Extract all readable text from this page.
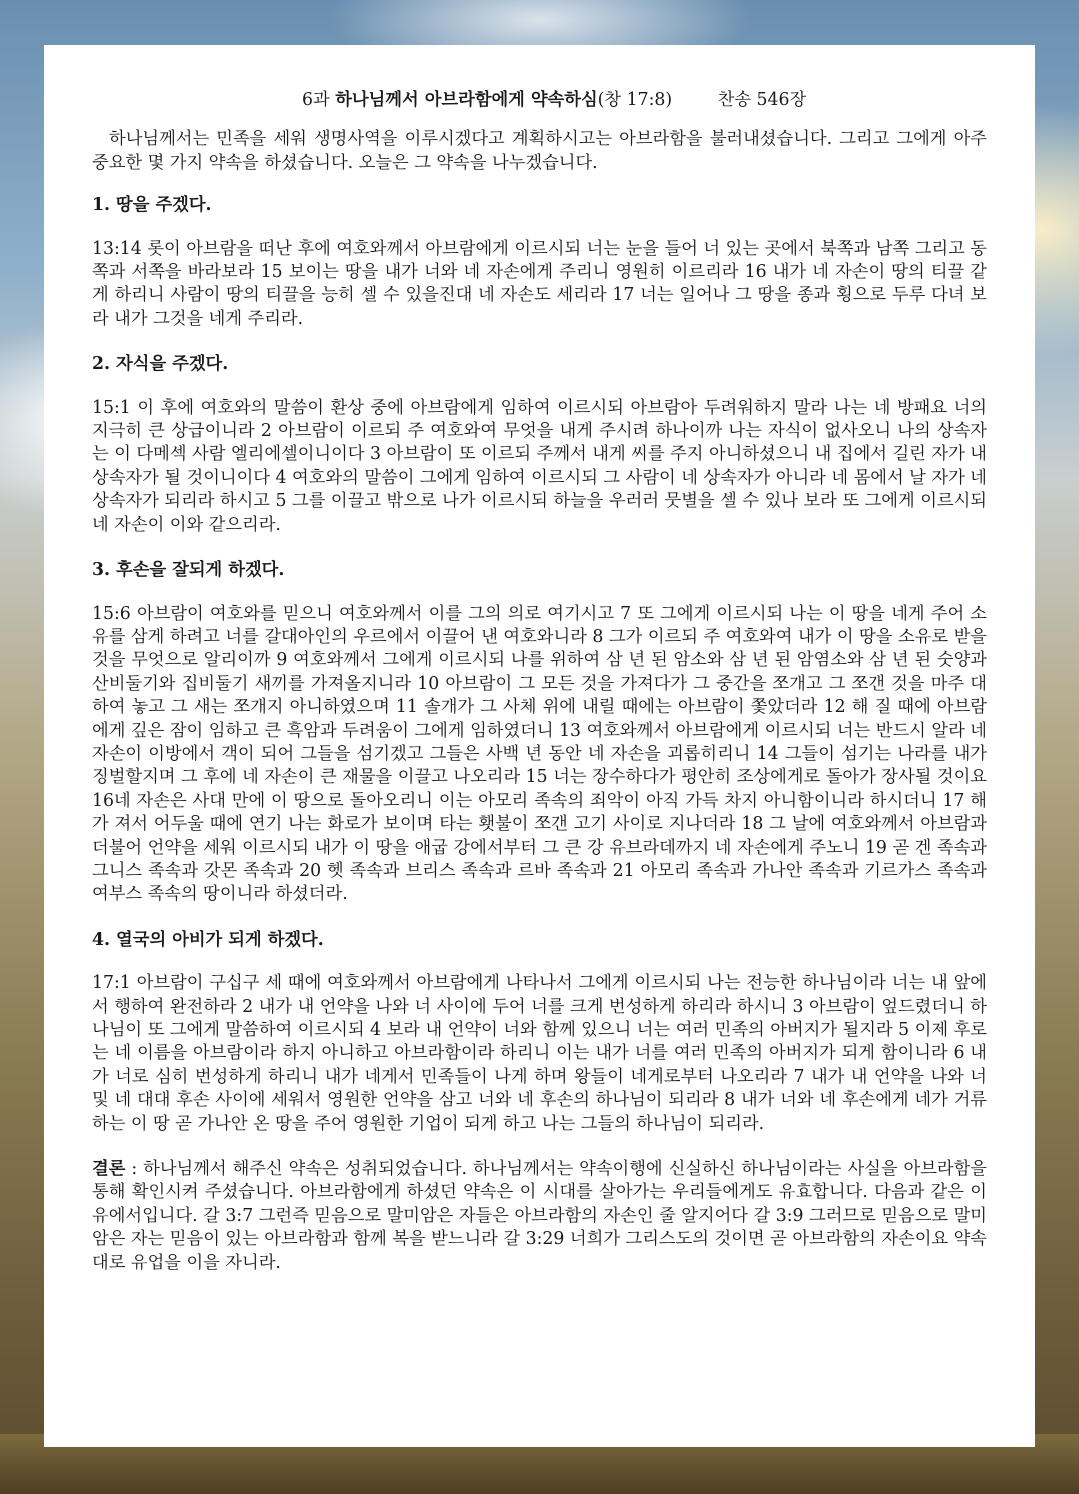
6과 하나님께서 아브라함에게 약속하심(창 17:8)	찬송 546장

하나님께서는 민족을 세워 생명사역을 이루시겠다고 계획하시고는 아브라함을 불러내셨습니다. 그리고 그에게 아주 중요한 몇 가지 약속을 하셨습니다. 오늘은 그 약속을 나누겠습니다.

1. 땅을 주겠다.

13:14 롯이 아브람을 떠난 후에 여호와께서 아브람에게 이르시되 너는 눈을 들어 너 있는 곳에서 북쪽과 남쪽 그리고 동쪽과 서쪽을 바라보라 15 보이는 땅을 내가 너와 네 자손에게 주리니 영원히 이르리라 16 내가 네 자손이 땅의 티끌 같게 하리니 사람이 땅의 티끌을 능히 셀 수 있을진대 네 자손도 세리라 17 너는 일어나 그 땅을 종과 횡으로 두루 다녀 보라 내가 그것을 네게 주리라.

2. 자식을 주겠다.

15:1 이 후에 여호와의 말씀이 환상 중에 아브람에게 임하여 이르시되 아브람아 두려워하지 말라 나는 네 방패요 너의 지극히 큰 상급이니라 2 아브람이 이르되 주 여호와여 무엇을 내게 주시려 하나이까 나는 자식이 없사오니 나의 상속자는 이 다메섹 사람 엘리에셀이니이다 3 아브람이 또 이르되 주께서 내게 씨를 주지 아니하셨으니 내 집에서 길린 자가 내 상속자가 될 것이니이다 4 여호와의 말씀이 그에게 임하여 이르시되 그 사람이 네 상속자가 아니라 네 몸에서 날 자가 네 상속자가 되리라 하시고 5 그를 이끌고 밖으로 나가 이르시되 하늘을 우러러 뭇별을 셀 수 있나 보라 또 그에게 이르시되 네 자손이 이와 같으리라.

3. 후손을 잘되게 하겠다.

15:6 아브람이 여호와를 믿으니 여호와께서 이를 그의 의로 여기시고 7 또 그에게 이르시되 나는 이 땅을 네게 주어 소유를 삼게 하려고 너를 갈대아인의 우르에서 이끌어 낸 여호와니라 8 그가 이르되 주 여호와여 내가 이 땅을 소유로 받을 것을 무엇으로 알리이까 9 여호와께서 그에게 이르시되 나를 위하여 삼 년 된 암소와 삼 년 된 암염소와 삼 년 된 숫양과 산비둘기와 집비둘기 새끼를 가져올지니라 10 아브람이 그 모든 것을 가져다가 그 중간을 쪼개고 그 쪼갠 것을 마주 대하여 놓고 그 새는 쪼개지 아니하였으며 11 솔개가 그 사체 위에 내릴 때에는 아브람이 쫓았더라 12 해 질 때에 아브람에게 깊은 잠이 임하고 큰 흑암과 두려움이 그에게 임하였더니 13 여호와께서 아브람에게 이르시되 너는 반드시 알라 네 자손이 이방에서 객이 되어 그들을 섬기겠고 그들은 사백 년 동안 네 자손을 괴롭히리니 14 그들이 섬기는 나라를 내가 징벌할지며 그 후에 네 자손이 큰 재물을 이끌고 나오리라 15 너는 장수하다가 평안히 조상에게로 돌아가 장사될 것이요 16네 자손은 사대 만에 이 땅으로 돌아오리니 이는 아모리 족속의 죄악이 아직 가득 차지 아니함이니라 하시더니 17 해가 져서 어두울 때에 연기 나는 화로가 보이며 타는 횃불이 쪼갠 고기 사이로 지나더라 18 그 날에 여호와께서 아브람과 더불어 언약을 세워 이르시되 내가 이 땅을 애굽 강에서부터 그 큰 강 유브라데까지 네 자손에게 주노니 19 곧 겐 족속과 그니스 족속과 갓몬 족속과 20 헷 족속과 브리스 족속과 르바 족속과 21 아모리 족속과 가나안 족속과 기르가스 족속과 여부스 족속의 땅이니라 하셨더라.

4. 열국의 아비가 되게 하겠다.

17:1 아브람이 구십구 세 때에 여호와께서 아브람에게 나타나서 그에게 이르시되 나는 전능한 하나님이라 너는 내 앞에서 행하여 완전하라 2 내가 내 언약을 나와 너 사이에 두어 너를 크게 번성하게 하리라 하시니 3 아브람이 엎드렸더니 하나님이 또 그에게 말씀하여 이르시되 4 보라 내 언약이 너와 함께 있으니 너는 여러 민족의 아버지가 될지라 5 이제 후로는 네 이름을 아브람이라 하지 아니하고 아브라함이라 하리니 이는 내가 너를 여러 민족의 아버지가 되게 함이니라 6 내가 너로 심히 번성하게 하리니 내가 네게서 민족들이 나게 하며 왕들이 네게로부터 나오리라 7 내가 내 언약을 나와 너 및 네 대대 후손 사이에 세워서 영원한 언약을 삼고 너와 네 후손의 하나님이 되리라 8 내가 너와 네 후손에게 네가 거류하는 이 땅 곧 가나안 온 땅을 주어 영원한 기업이 되게 하고 나는 그들의 하나님이 되리라.

결론 : 하나님께서 해주신 약속은 성취되었습니다. 하나님께서는 약속이행에 신실하신 하나님이라는 사실을 아브라함을 통해 확인시켜 주셨습니다. 아브라함에게 하셨던 약속은 이 시대를 살아가는 우리들에게도 유효합니다. 다음과 같은 이유에서입니다. 갈 3:7 그런즉 믿음으로 말미암은 자들은 아브라함의 자손인 줄 알지어다 갈 3:9 그러므로 믿음으로 말미암은 자는 믿음이 있는 아브라함과 함께 복을 받느니라 갈 3:29 너희가 그리스도의 것이면 곧 아브라함의 자손이요 약속대로 유업을 이을 자니라.
